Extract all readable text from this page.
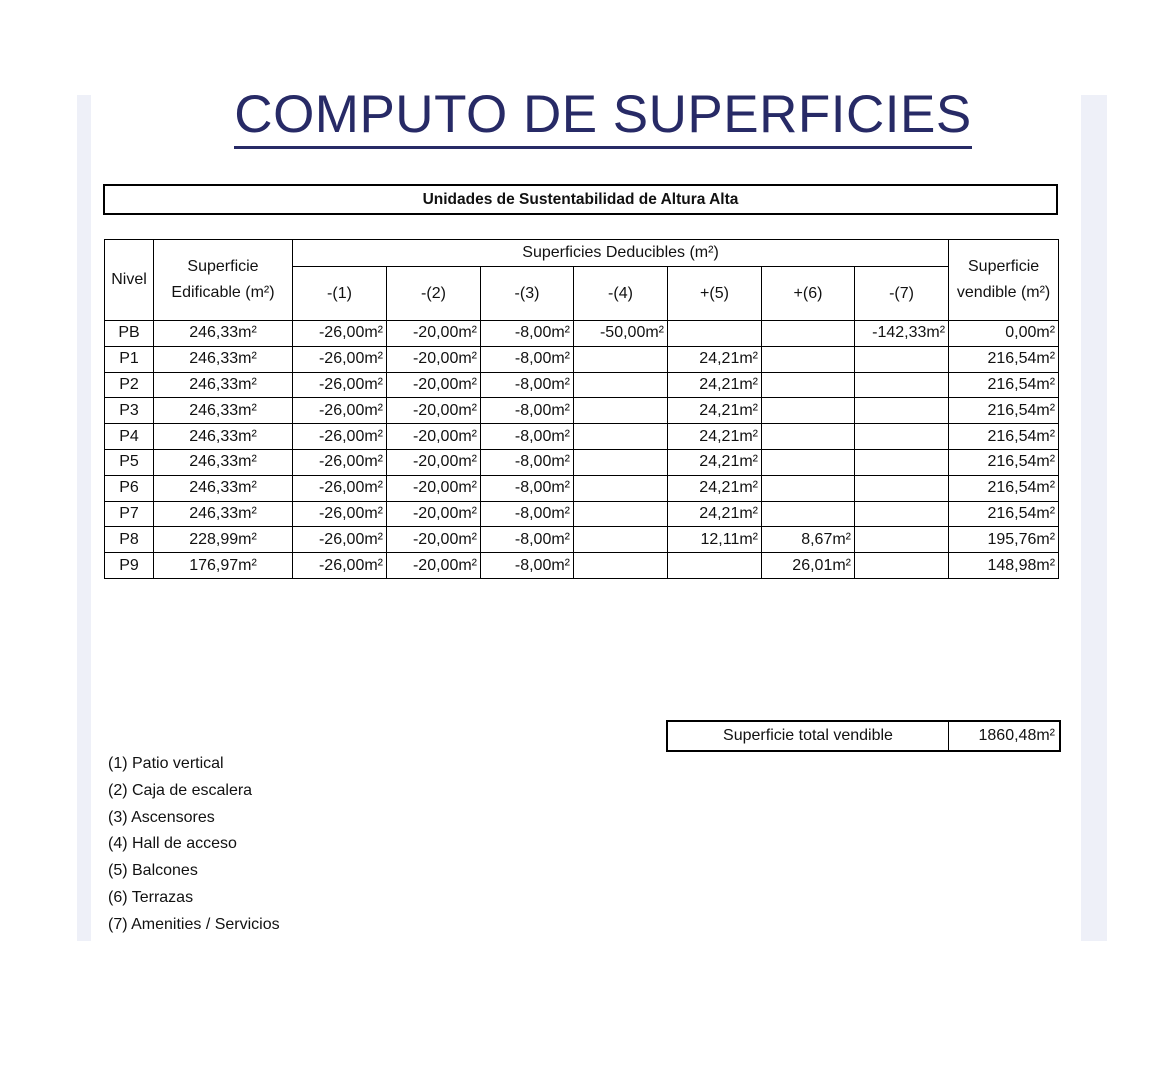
COMPUTO DE SUPERFICIES
Unidades de Sustentabilidad de Altura Alta
Nivel	Superficie Edificable (m²)	Superficies Deducibles (m²)							Superficie vendible (m²)
		-(1)	-(2)	-(3)	-(4)	+(5)	+(6)	-(7)	
PB	246,33m²	-26,00m²	-20,00m²	-8,00m²	-50,00m²			-142,33m²	0,00m²
P1	246,33m²	-26,00m²	-20,00m²	-8,00m²		24,21m²			216,54m²
P2	246,33m²	-26,00m²	-20,00m²	-8,00m²		24,21m²			216,54m²
P3	246,33m²	-26,00m²	-20,00m²	-8,00m²		24,21m²			216,54m²
P4	246,33m²	-26,00m²	-20,00m²	-8,00m²		24,21m²			216,54m²
P5	246,33m²	-26,00m²	-20,00m²	-8,00m²		24,21m²			216,54m²
P6	246,33m²	-26,00m²	-20,00m²	-8,00m²		24,21m²			216,54m²
P7	246,33m²	-26,00m²	-20,00m²	-8,00m²		24,21m²			216,54m²
P8	228,99m²	-26,00m²	-20,00m²	-8,00m²		12,11m²	8,67m²		195,76m²
P9	176,97m²	-26,00m²	-20,00m²	-8,00m²			26,01m²		148,98m²
Superficie total vendible	1860,48m²
(1) Patio vertical
(2) Caja de escalera
(3) Ascensores
(4) Hall de acceso
(5) Balcones
(6) Terrazas
(7) Amenities / Servicios
